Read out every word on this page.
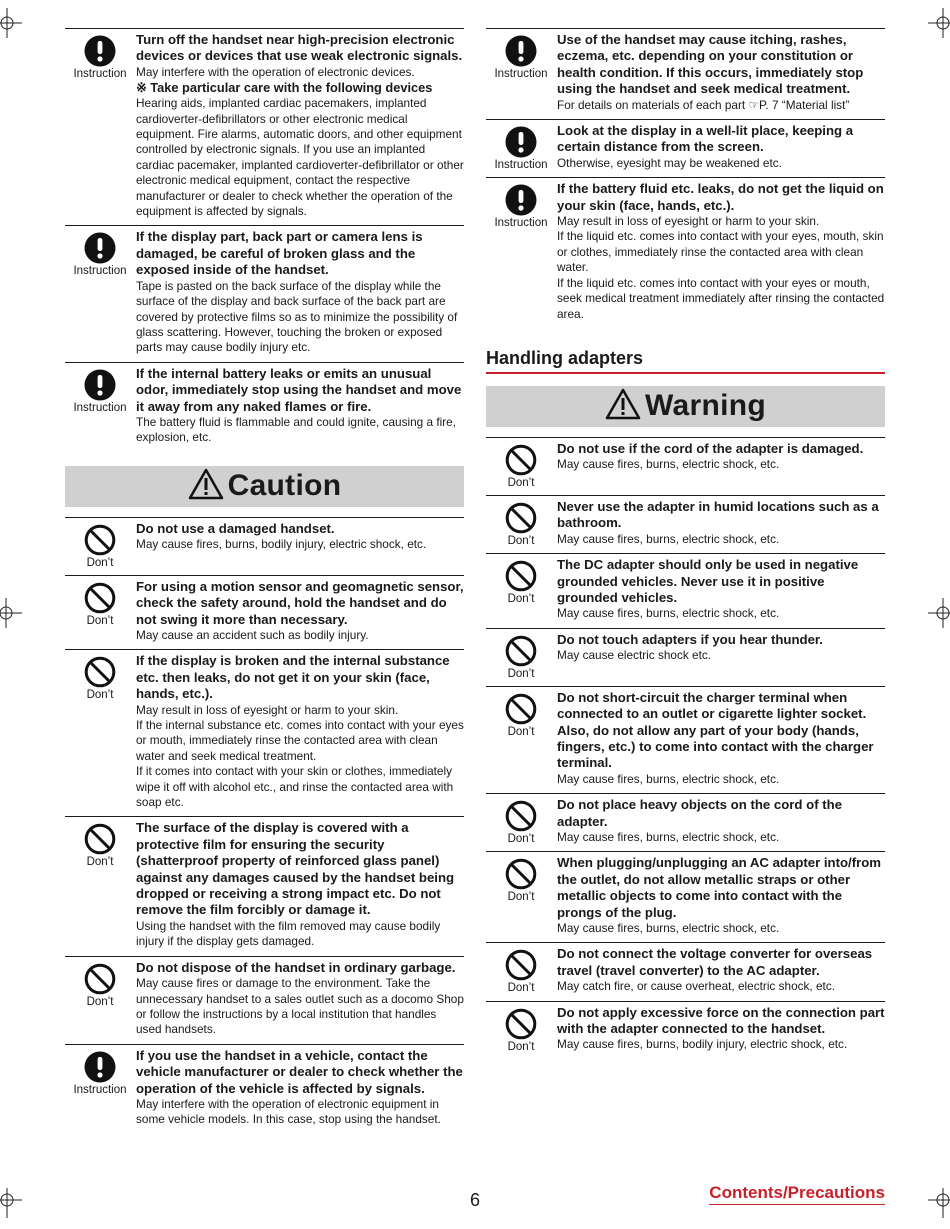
Instruction
Turn off the handset near high-precision electronic devices or devices that use weak electronic signals.
May interfere with the operation of electronic devices.
※ Take particular care with the following devices
Hearing aids, implanted cardiac pacemakers, implanted cardioverter-defibrillators or other electronic medical equipment. Fire alarms, automatic doors, and other equipment controlled by electronic signals. If you use an implanted cardiac pacemaker, implanted cardioverter-defibrillator or other electronic medical equipment, contact the respective manufacturer or dealer to check whether the operation of the equipment is affected by signals.
Instruction
If the display part, back part or camera lens is damaged, be careful of broken glass and the exposed inside of the handset.
Tape is pasted on the back surface of the display while the surface of the display and back surface of the back part are covered by protective films so as to minimize the possibility of glass scattering. However, touching the broken or exposed parts may cause bodily injury etc.
Instruction
If the internal battery leaks or emits an unusual odor, immediately stop using the handset and move it away from any naked flames or fire.
The battery fluid is flammable and could ignite, causing a fire, explosion, etc.
Caution
Don’t
Do not use a damaged handset.
May cause fires, burns, bodily injury, electric shock, etc.
Don’t
For using a motion sensor and geomagnetic sensor, check the safety around, hold the handset and do not swing it more than necessary.
May cause an accident such as bodily injury.
Don’t
If the display is broken and the internal substance etc. then leaks, do not get it on your skin (face, hands, etc.).
May result in loss of eyesight or harm to your skin.
If the internal substance etc. comes into contact with your eyes or mouth, immediately rinse the contacted area with clean water and seek medical treatment.
If it comes into contact with your skin or clothes, immediately wipe it off with alcohol etc., and rinse the contacted area with soap etc.
Don’t
The surface of the display is covered with a protective film for ensuring the security (shatterproof property of reinforced glass panel) against any damages caused by the handset being dropped or receiving a strong impact etc. Do not remove the film forcibly or damage it.
Using the handset with the film removed may cause bodily injury if the display gets damaged.
Don’t
Do not dispose of the handset in ordinary garbage.
May cause fires or damage to the environment. Take the unnecessary handset to a sales outlet such as a docomo Shop or follow the instructions by a local institution that handles used handsets.
Instruction
If you use the handset in a vehicle, contact the vehicle manufacturer or dealer to check whether the operation of the vehicle is affected by signals.
May interfere with the operation of electronic equipment in some vehicle models. In this case, stop using the handset.
Instruction
Use of the handset may cause itching, rashes, eczema, etc. depending on your constitution or health condition. If this occurs, immediately stop using the handset and seek medical treatment.
For details on materials of each part ☞P. 7 “Material list”
Instruction
Look at the display in a well-lit place, keeping a certain distance from the screen.
Otherwise, eyesight may be weakened etc.
Instruction
If the battery fluid etc. leaks, do not get the liquid on your skin (face, hands, etc.).
May result in loss of eyesight or harm to your skin.
If the liquid etc. comes into contact with your eyes, mouth, skin or clothes, immediately rinse the contacted area with clean water.
If the liquid etc. comes into contact with your eyes or mouth, seek medical treatment immediately after rinsing the contacted area.
Handling adapters
Warning
Don’t
Do not use if the cord of the adapter is damaged.
May cause fires, burns, electric shock, etc.
Don’t
Never use the adapter in humid locations such as a bathroom.
May cause fires, burns, electric shock, etc.
Don’t
The DC adapter should only be used in negative grounded vehicles. Never use it in positive grounded vehicles.
May cause fires, burns, electric shock, etc.
Don’t
Do not touch adapters if you hear thunder.
May cause electric shock etc.
Don’t
Do not short-circuit the charger terminal when connected to an outlet or cigarette lighter socket. Also, do not allow any part of your body (hands, fingers, etc.) to come into contact with the charger terminal.
May cause fires, burns, electric shock, etc.
Don’t
Do not place heavy objects on the cord of the adapter.
May cause fires, burns, electric shock, etc.
Don’t
When plugging/unplugging an AC adapter into/from the outlet, do not allow metallic straps or other metallic objects to come into contact with the prongs of the plug.
May cause fires, burns, electric shock, etc.
Don’t
Do not connect the voltage converter for overseas travel (travel converter) to the AC adapter.
May catch fire, or cause overheat, electric shock, etc.
Don’t
Do not apply excessive force on the connection part with the adapter connected to the handset.
May cause fires, burns, bodily injury, electric shock, etc.
6	Contents/Precautions
